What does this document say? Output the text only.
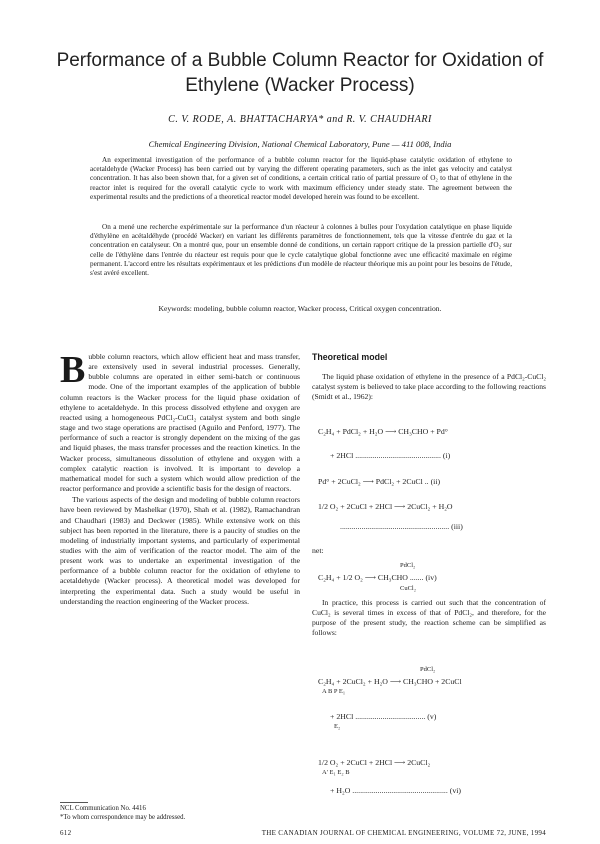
Performance of a Bubble Column Reactor for Oxidation of Ethylene (Wacker Process)
C. V. RODE, A. BHATTACHARYA* and R. V. CHAUDHARI
Chemical Engineering Division, National Chemical Laboratory, Pune — 411 008, India
An experimental investigation of the performance of a bubble column reactor for the liquid-phase catalytic oxidation of ethylene to acetaldehyde (Wacker Process) has been carried out by varying the different operating parameters, such as the inlet gas velocity and catalyst concentration. It has also been shown that, for a given set of conditions, a certain critical ratio of partial pressure of O₂ to that of ethylene in the reactor inlet is required for the overall catalytic cycle to work with maximum efficiency under steady state. The agreement between the experimental results and the predictions of a theoretical reactor model developed herein was found to be excellent.
On a mené une recherche expérimentale sur la performance d'un réacteur à colonnes à bulles pour l'oxydation catalytique en phase liquide d'éthylène en acétaldéhyde (procédé Wacker) en variant les différents paramètres de fonctionnement, tels que la vitesse d'entrée du gaz et la concentration en catalyseur. On a montré que, pour un ensemble donné de conditions, un certain rapport critique de la pression partielle d'O₂ sur celle de l'éthylène dans l'entrée du réacteur est requis pour que le cycle catalytique global fonctionne avec une efficacité maximale en régime permanent. L'accord entre les résultats expérimentaux et les prédictions d'un modèle de réacteur théorique mis au point pour les besoins de l'étude, s'est avéré excellent.
Keywords: modeling, bubble column reactor, Wacker process, Critical oxygen concentration.

Bubble column reactors, which allow efficient heat and mass transfer, are extensively used in several industrial processes. Generally, bubble columns are operated in either semi-batch or continuous mode. One of the important examples of the application of bubble column reactors is the Wacker process for the liquid phase oxidation of ethylene to acetaldehyde. In this process dissolved ethylene and oxygen are reacted using a homogeneous PdCl₂-CuCl₂ catalyst system and both single stage and two stage operations are practised (Aguilo and Penford, 1977). The performance of such a reactor is strongly dependent on the mixing of the gas and liquid phases, the mass transfer processes and the reaction kinetics. In the Wacker process, simultaneous dissolution of ethylene and oxygen with a complex catalytic reaction is involved. It is important to develop a mathematical model for such a system which would allow prediction of the reactor performance and provide a scientific basis for the design of reactors.

The various aspects of the design and modeling of bubble column reactors have been reviewed by Mashelkar (1970), Shah et al. (1982), Ramachandran and Chaudhari (1983) and Deckwer (1985). While extensive work on this subject has been reported in the literature, there is a paucity of studies on the modeling of industrially important systems, and particularly of experimental studies with the aim of verification of the reactor model. The aim of the present work was to undertake an experimental investigation of the performance of a bubble column reactor for the oxidation of ethylene to acetaldehyde (Wacker process). A theoretical model was developed for interpreting the experimental data. Such a study would be useful in understanding the reaction engineering of the Wacker process.

NCL Communication No. 4416
*To whom correspondence may be addressed.
Theoretical model
The liquid phase oxidation of ethylene in the presence of a PdCl₂-CuCl₂ catalyst system is believed to take place according to the following reactions (Smidt et al., 1962):
C₂H₄ + PdCl₂ + H₂O ⟶ CH₃CHO + Pd°
+ 2HCl ............................................ (i)
Pd° + 2CuCl₂ ⟶ PdCl₂ + 2CuCl .. (ii)
1/2 O₂ + 2CuCl + 2HCl ⟶ 2CuCl₂ + H₂O
........................................................ (iii)
net:
PdCl₂
C₂H₄ + 1/2 O₂ ⟶ CH₃CHO ....... (iv)
CuCl₂

In practice, this process is carried out such that the concentration of CuCl₂ is several times in excess of that of PdCl₂, and therefore, for the purpose of the present study, the reaction scheme can be simplified as follows:

PdCl₂
C₂H₄ + 2CuCl₂ + H₂O ⟶ CH₃CHO + 2CuCl
A B P E₁
+ 2HCl .................................... (v)
E₂
1/2 O₂ + 2CuCl + 2HCl ⟶ 2CuCl₂
A' E₁ E₂ B
+ H₂O ................................................. (vi)
612	THE CANADIAN JOURNAL OF CHEMICAL ENGINEERING, VOLUME 72, JUNE, 1994
